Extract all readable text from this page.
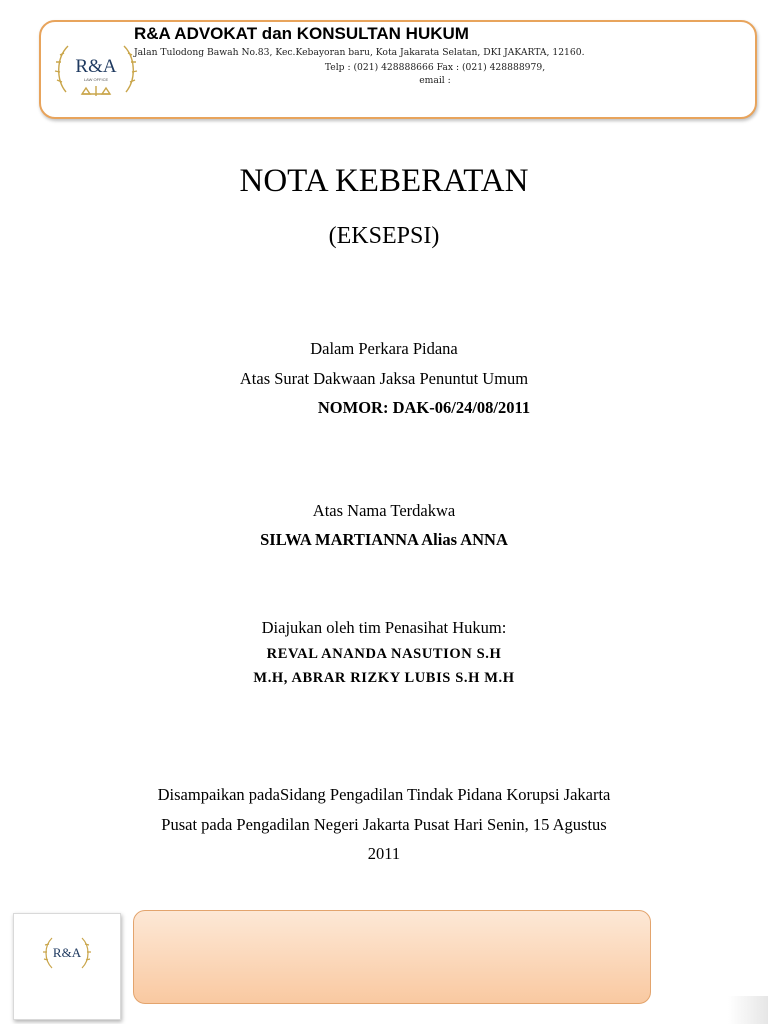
R&A
LAW OFFICE
R&A ADVOKAT dan KONSULTAN HUKUM
Jalan Tulodong Bawah No.83, Kec.Kebayoran baru, Kota Jakarata Selatan, DKI JAKARTA, 12160.
Telp : (021) 428888666 Fax : (021) 428888979,
email :
NOTA KEBERATAN
(EKSEPSI)
Dalam Perkara Pidana
Atas Surat Dakwaan Jaksa Penuntut Umum
NOMOR: DAK-06/24/08/2011
Atas Nama Terdakwa
SILWA MARTIANNA Alias ANNA
Diajukan oleh tim Penasihat Hukum:
REVAL ANANDA NASUTION S.H
M.H, ABRAR RIZKY LUBIS S.H M.H
Disampaikan padaSidang Pengadilan Tindak Pidana Korupsi Jakarta
Pusat pada Pengadilan Negeri Jakarta Pusat Hari Senin, 15 Agustus
2011
R&A
